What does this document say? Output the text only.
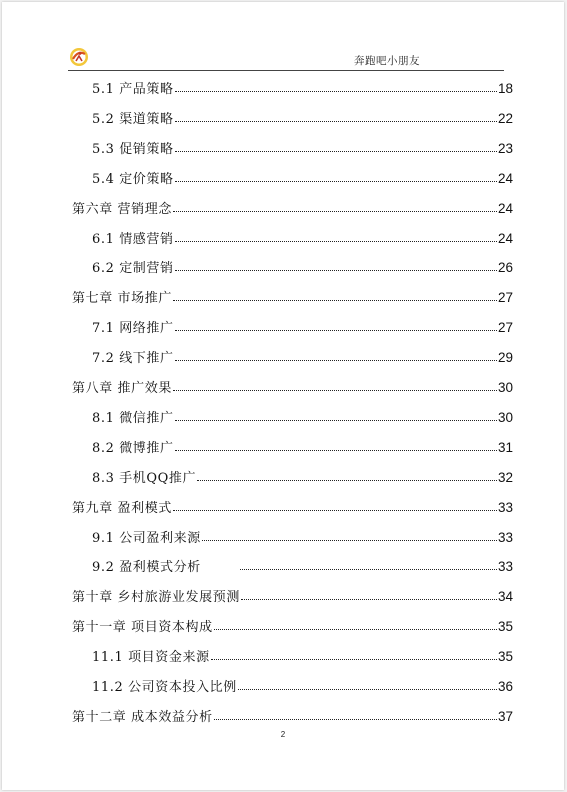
奔跑吧小朋友
5.1 产品策略	18
5.2 渠道策略	22
5.3 促销策略	23
5.4 定价策略	24
第六章 营销理念	24
6.1 情感营销	24
6.2 定制营销	26
第七章 市场推广	27
7.1 网络推广	27
7.2 线下推广	29
第八章 推广效果	30
8.1 微信推广	30
8.2 微博推广	31
8.3 手机QQ推广	32
第九章 盈利模式	33
9.1 公司盈利来源	33
9.2 盈利模式分析	33
第十章 乡村旅游业发展预测	34
第十一章 项目资本构成	35
11.1 项目资金来源	35
11.2 公司资本投入比例	36
第十二章 成本效益分析	37
2
